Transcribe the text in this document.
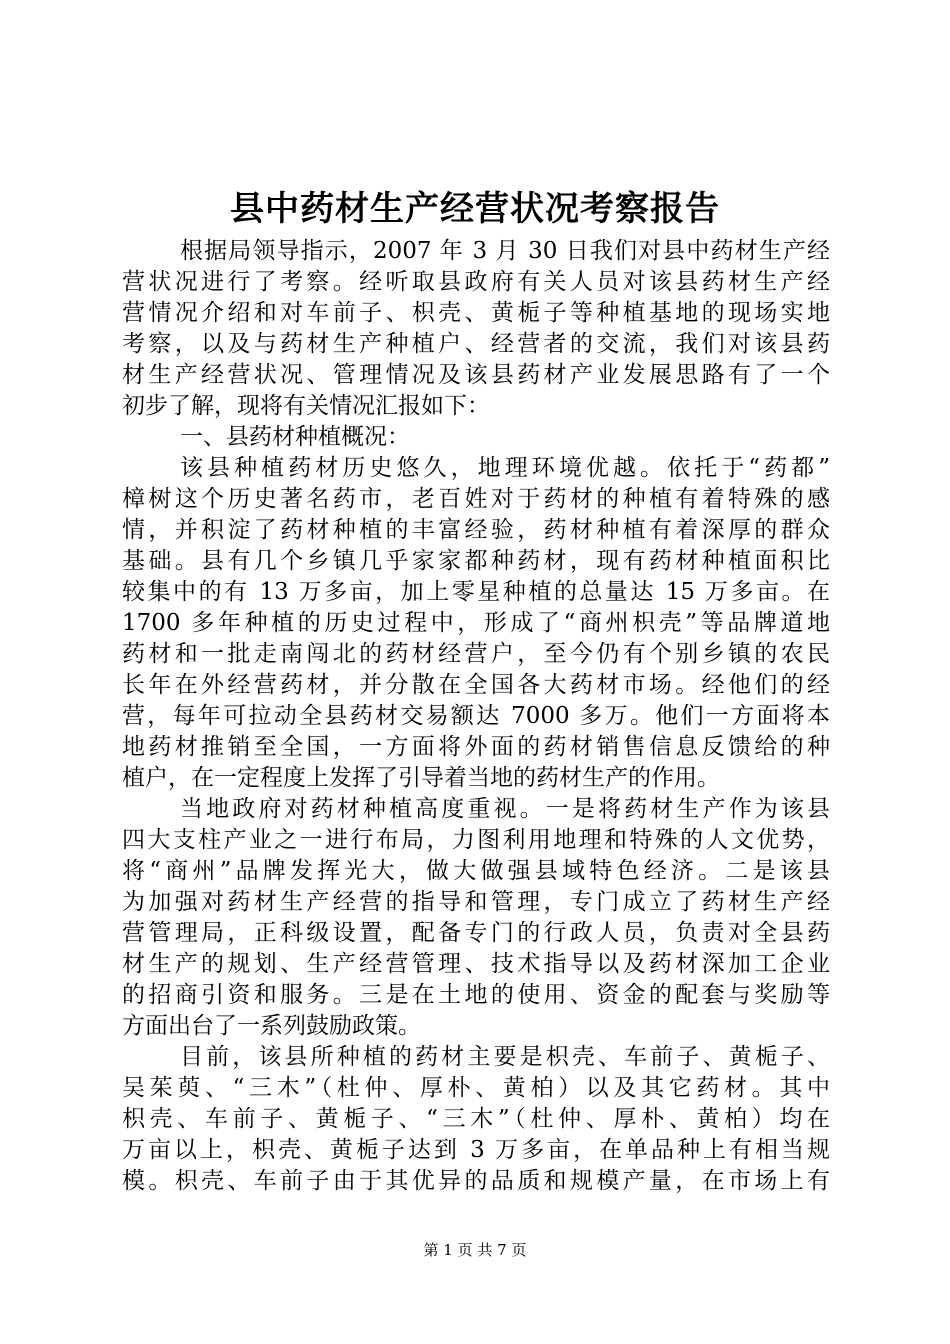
县中药材生产经营状况考察报告
根据局领导指示，2007 年 3 月 30 日我们对县中药材生产经
营状况进行了考察。经听取县政府有关人员对该县药材生产经
营情况介绍和对车前子、枳壳、黄栀子等种植基地的现场实地
考察，以及与药材生产种植户、经营者的交流，我们对该县药
材生产经营状况、管理情况及该县药材产业发展思路有了一个
初步了解，现将有关情况汇报如下：
一、县药材种植概况：
该县种植药材历史悠久，地理环境优越。依托于“药都”
樟树这个历史著名药市，老百姓对于药材的种植有着特殊的感
情，并积淀了药材种植的丰富经验，药材种植有着深厚的群众
基础。县有几个乡镇几乎家家都种药材，现有药材种植面积比
较集中的有 13 万多亩，加上零星种植的总量达 15 万多亩。在
1700 多年种植的历史过程中，形成了“商州枳壳”等品牌道地
药材和一批走南闯北的药材经营户，至今仍有个别乡镇的农民
长年在外经营药材，并分散在全国各大药材市场。经他们的经
营，每年可拉动全县药材交易额达 7000 多万。他们一方面将本
地药材推销至全国，一方面将外面的药材销售信息反馈给的种
植户，在一定程度上发挥了引导着当地的药材生产的作用。
当地政府对药材种植高度重视。一是将药材生产作为该县
四大支柱产业之一进行布局，力图利用地理和特殊的人文优势，
将“商州”品牌发挥光大，做大做强县域特色经济。二是该县
为加强对药材生产经营的指导和管理，专门成立了药材生产经
营管理局，正科级设置，配备专门的行政人员，负责对全县药
材生产的规划、生产经营管理、技术指导以及药材深加工企业
的招商引资和服务。三是在土地的使用、资金的配套与奖励等
方面出台了一系列鼓励政策。
目前，该县所种植的药材主要是枳壳、车前子、黄栀子、
吴茱萸、“三木”（杜仲、厚朴、黄柏）以及其它药材。其中
枳壳、车前子、黄栀子、“三木”（杜仲、厚朴、黄柏）均在
万亩以上，枳壳、黄栀子达到 3 万多亩，在单品种上有相当规
模。枳壳、车前子由于其优异的品质和规模产量，在市场上有
第 1 页 共 7 页
